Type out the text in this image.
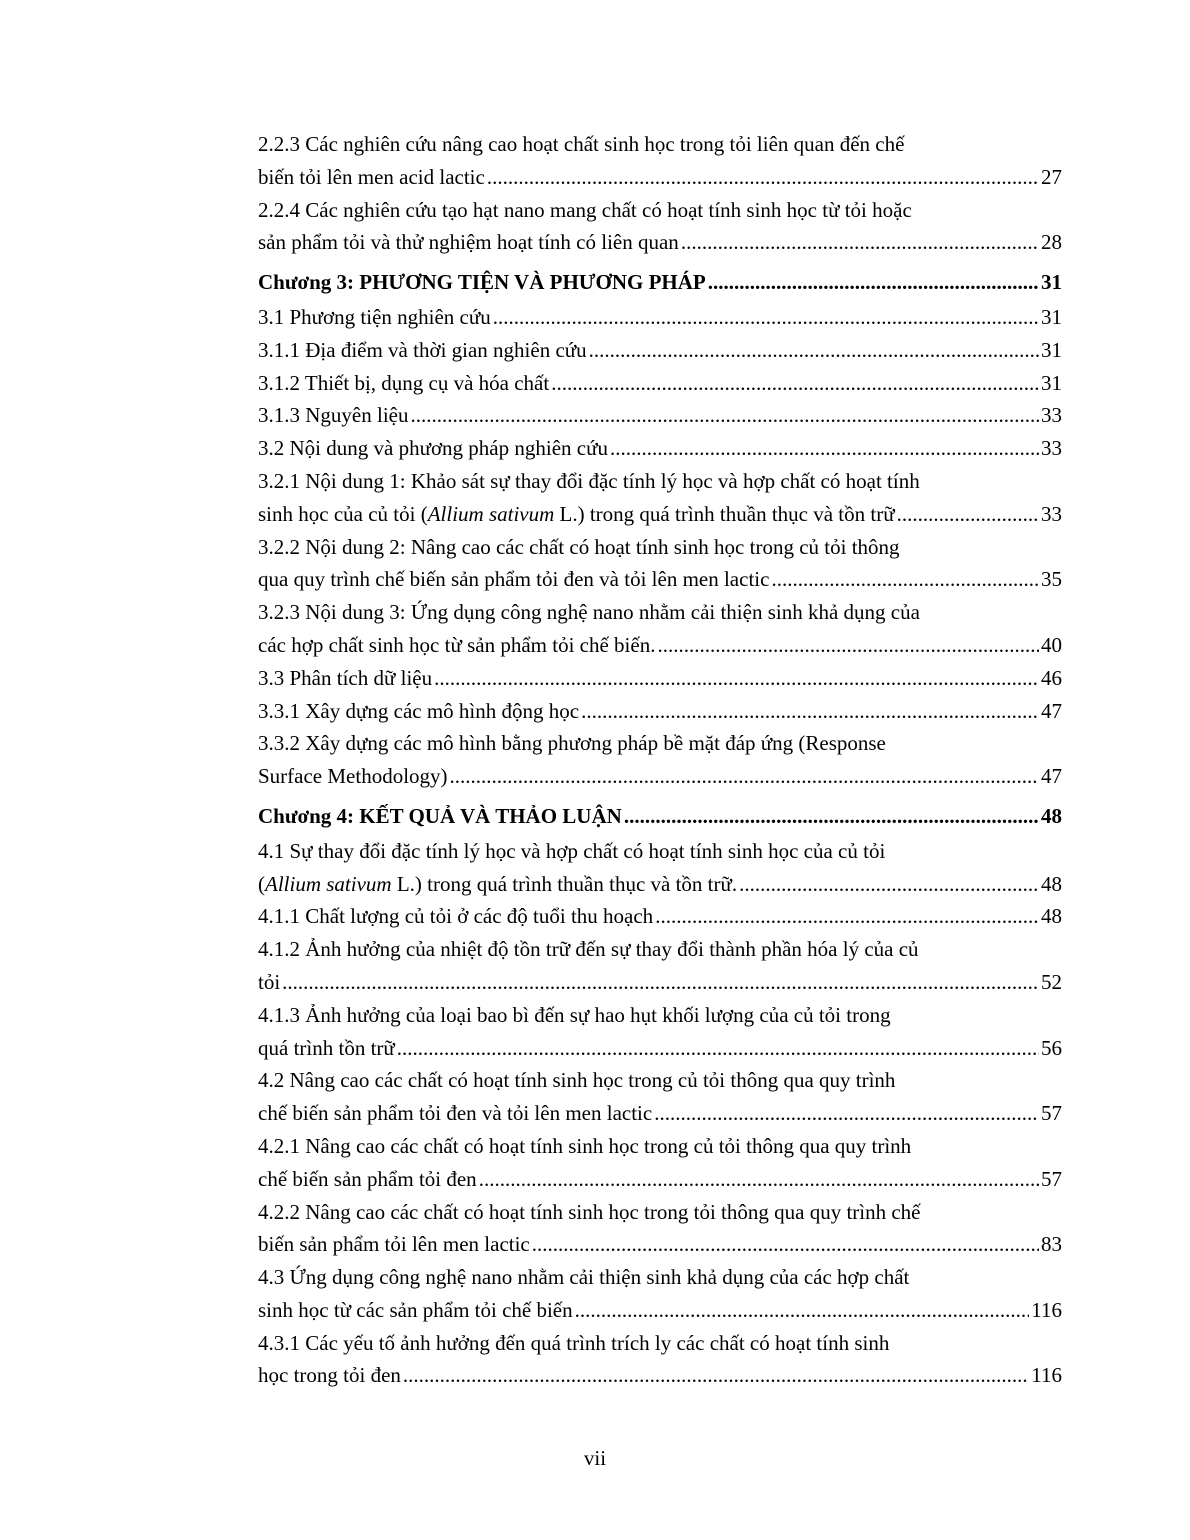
2.2.3 Các nghiên cứu nâng cao hoạt chất sinh học trong tỏi liên quan đến chế
biến tỏi lên men acid lactic .....	27
2.2.4 Các nghiên cứu tạo hạt nano mang chất có hoạt tính sinh học từ tỏi hoặc
sản phẩm tỏi và thử nghiệm hoạt tính có liên quan .....	28
Chương 3: PHƯƠNG TIỆN VÀ PHƯƠNG PHÁP .....	31
3.1 Phương tiện nghiên cứu .....	31
3.1.1 Địa điểm và thời gian nghiên cứu .....	31
3.1.2 Thiết bị, dụng cụ và hóa chất .....	31
3.1.3 Nguyên liệu .....	33
3.2 Nội dung và phương pháp nghiên cứu .....	33
3.2.1 Nội dung 1: Khảo sát sự thay đổi đặc tính lý học và hợp chất có hoạt tính
sinh học của củ tỏi (Allium sativum L.) trong quá trình thuần thục và tồn trữ .....	33
3.2.2 Nội dung 2: Nâng cao các chất có hoạt tính sinh học trong củ tỏi thông
qua quy trình chế biến sản phẩm tỏi đen và tỏi lên men lactic .....	35
3.2.3 Nội dung 3: Ứng dụng công nghệ nano nhằm cải thiện sinh khả dụng của
các hợp chất sinh học từ sản phẩm tỏi chế biến. .....	40
3.3 Phân tích dữ liệu .....	46
3.3.1 Xây dựng các mô hình động học .....	47
3.3.2 Xây dựng các mô hình bằng phương pháp bề mặt đáp ứng (Response
Surface Methodology) .....	47
Chương 4: KẾT QUẢ VÀ THẢO LUẬN .....	48
4.1 Sự thay đổi đặc tính lý học và hợp chất có hoạt tính sinh học của củ tỏi
(Allium sativum L.) trong quá trình thuần thục và tồn trữ. .....	48
4.1.1 Chất lượng củ tỏi ở các độ tuổi thu hoạch .....	48
4.1.2 Ảnh hưởng của nhiệt độ tồn trữ đến sự thay đổi thành phần hóa lý của củ
tỏi .....	52
4.1.3 Ảnh hưởng của loại bao bì đến sự hao hụt khối lượng của củ tỏi trong
quá trình tồn trữ .....	56
4.2 Nâng cao các chất có hoạt tính sinh học trong củ tỏi thông qua quy trình
chế biến sản phẩm tỏi đen và tỏi lên men lactic .....	57
4.2.1 Nâng cao các chất có hoạt tính sinh học trong củ tỏi thông qua quy trình
chế biến sản phẩm tỏi đen .....	57
4.2.2 Nâng cao các chất có hoạt tính sinh học trong tỏi thông qua quy trình chế
biến sản phẩm tỏi lên men lactic .....	83
4.3 Ứng dụng công nghệ nano nhằm cải thiện sinh khả dụng của các hợp chất
sinh học từ các sản phẩm tỏi chế biến .....	116
4.3.1 Các yếu tố ảnh hưởng đến quá trình trích ly các chất có hoạt tính sinh
học trong tỏi đen .....	116
vii
